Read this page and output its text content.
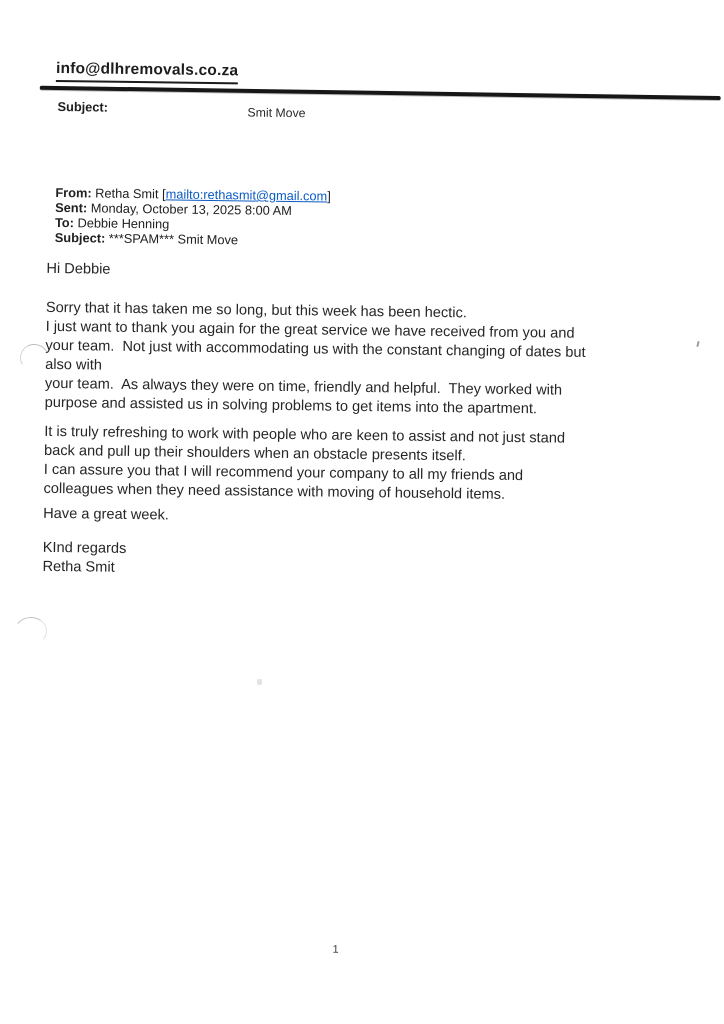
info@dlhremovals.co.za
Subject:	Smit Move
From: Retha Smit [mailto:rethasmit@gmail.com]
Sent: Monday, October 13, 2025 8:00 AM
To: Debbie Henning
Subject: ***SPAM*** Smit Move
Hi Debbie
Sorry that it has taken me so long, but this week has been hectic.
I just want to thank you again for the great service we have received from you and
your team.  Not just with accommodating us with the constant changing of dates but
also with
your team.  As always they were on time, friendly and helpful.  They worked with
purpose and assisted us in solving problems to get items into the apartment.
It is truly refreshing to work with people who are keen to assist and not just stand
back and pull up their shoulders when an obstacle presents itself.
I can assure you that I will recommend your company to all my friends and
colleagues when they need assistance with moving of household items.
Have a great week.
KInd regards
Retha Smit
1
